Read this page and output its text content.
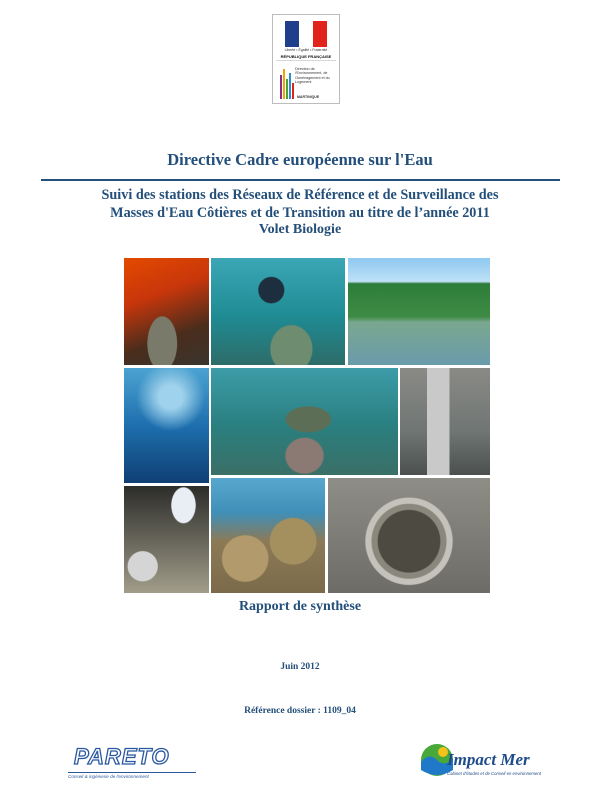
Liberté • Égalité • Fraternité
RÉPUBLIQUE FRANÇAISE
Direction de l'Environnement, de l'Aménagement et du Logement
MARTINIQUE
Directive Cadre européenne sur l'Eau
Suivi des stations des Réseaux de Référence et de Surveillance des
Masses d'Eau Côtières et de Transition au titre de l’année 2011
Volet Biologie
Rapport de synthèse
Juin 2012
Référence dossier : 1109_04
PARETO
Conseil & ingénierie de l'environnement
Impact Mer
Cabinet d'études et de Conseil en environnement
